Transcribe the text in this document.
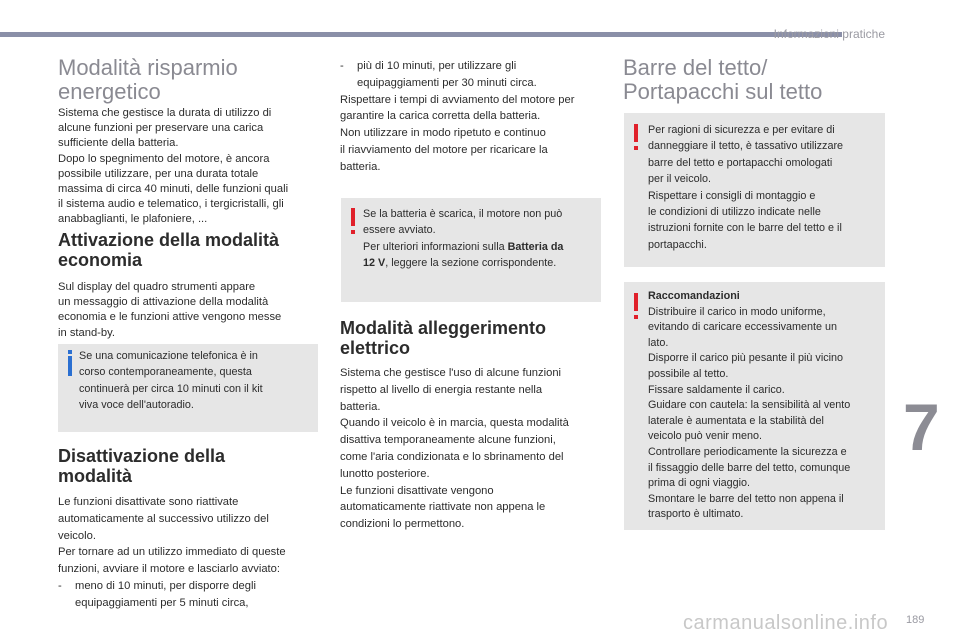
Informazioni pratiche
Modalità risparmio
energetico

Sistema che gestisce la durata di utilizzo di
alcune funzioni per preservare una carica
sufficiente della batteria.
Dopo lo spegnimento del motore, è ancora
possibile utilizzare, per una durata totale
massima di circa 40 minuti, delle funzioni quali
il sistema audio e telematico, i tergicristalli, gli
anabbaglianti, le plafoniere, ...

Attivazione della modalità
economia

Sul display del quadro strumenti appare
un messaggio di attivazione della modalità
economia e le funzioni attive vengono messe
in stand-by.

Se una comunicazione telefonica è in
corso contemporaneamente, questa
continuerà per circa 10 minuti con il kit
viva voce dell'autoradio.
Disattivazione della
modalità

Le funzioni disattivate sono riattivate
automaticamente al successivo utilizzo del
veicolo.
Per tornare ad un utilizzo immediato di queste
funzioni, avviare il motore e lasciarlo avviato:

- meno di 10 minuti, per disporre degli
equipaggiamenti per 5 minuti circa,

- più di 10 minuti, per utilizzare gli
equipaggiamenti per 30 minuti circa.

Rispettare i tempi di avviamento del motore per
garantire la carica corretta della batteria.
Non utilizzare in modo ripetuto e continuo
il riavviamento del motore per ricaricare la
batteria.

Se la batteria è scarica, il motore non può
essere avviato.
Per ulteriori informazioni sulla Batteria da
12 V, leggere la sezione corrispondente.
Modalità alleggerimento
elettrico

Sistema che gestisce l'uso di alcune funzioni
rispetto al livello di energia restante nella
batteria.
Quando il veicolo è in marcia, questa modalità
disattiva temporaneamente alcune funzioni,
come l'aria condizionata e lo sbrinamento del
lunotto posteriore.
Le funzioni disattivate vengono
automaticamente riattivate non appena le
condizioni lo permettono.

Barre del tetto/
Portapacchi sul tetto
Per ragioni di sicurezza e per evitare di
danneggiare il tetto, è tassativo utilizzare
barre del tetto e portapacchi omologati
per il veicolo.
Rispettare i consigli di montaggio e
le condizioni di utilizzo indicate nelle
istruzioni fornite con le barre del tetto e il
portapacchi.
Raccomandazioni
Distribuire il carico in modo uniforme,
evitando di caricare eccessivamente un
lato.
Disporre il carico più pesante il più vicino
possibile al tetto.
Fissare saldamente il carico.
Guidare con cautela: la sensibilità al vento
laterale è aumentata e la stabilità del
veicolo può venir meno.
Controllare periodicamente la sicurezza e
il fissaggio delle barre del tetto, comunque
prima di ogni viaggio.
Smontare le barre del tetto non appena il
trasporto è ultimato.
7
carmanualsonline.info 189
